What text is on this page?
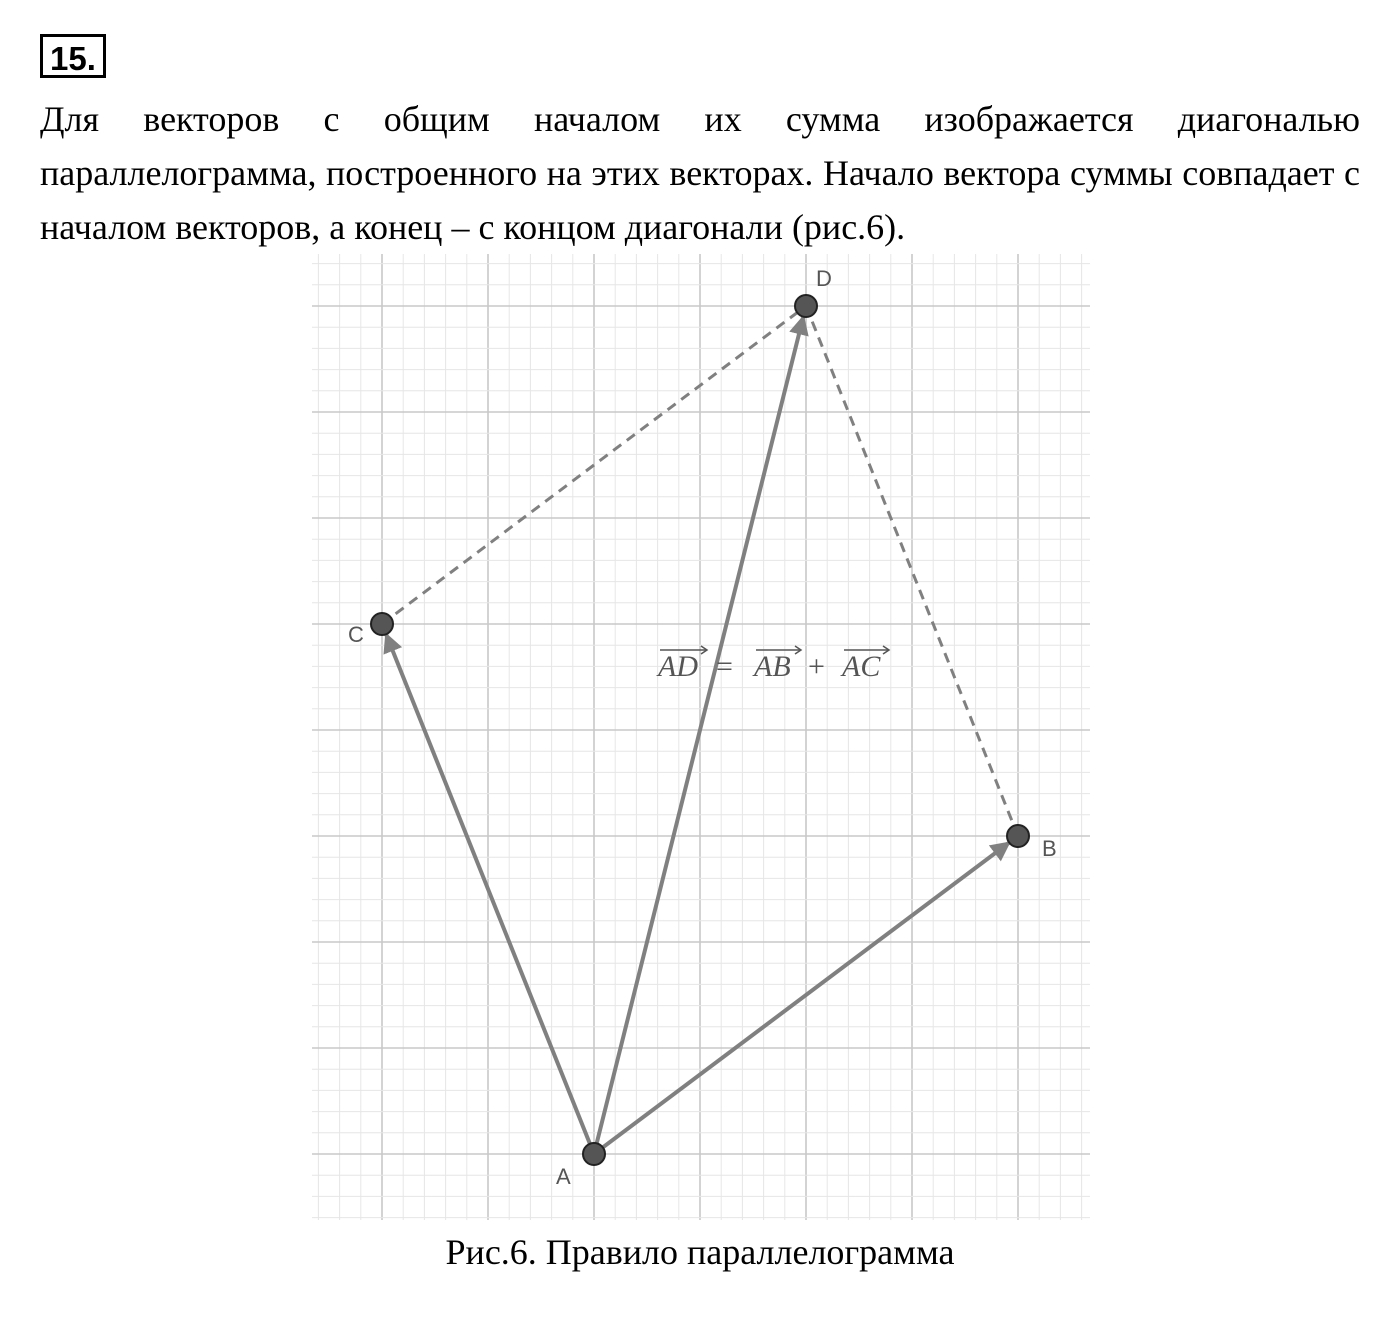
15.

Для векторов с общим началом их сумма изображается диагональю параллелограмма, построенного на этих векторах. Начало вектора суммы совпадает с началом векторов, а конец – с концом диагонали (рис.6).

A
B
C
D
AD = AB + AC
Рис.6. Правило параллелограмма
